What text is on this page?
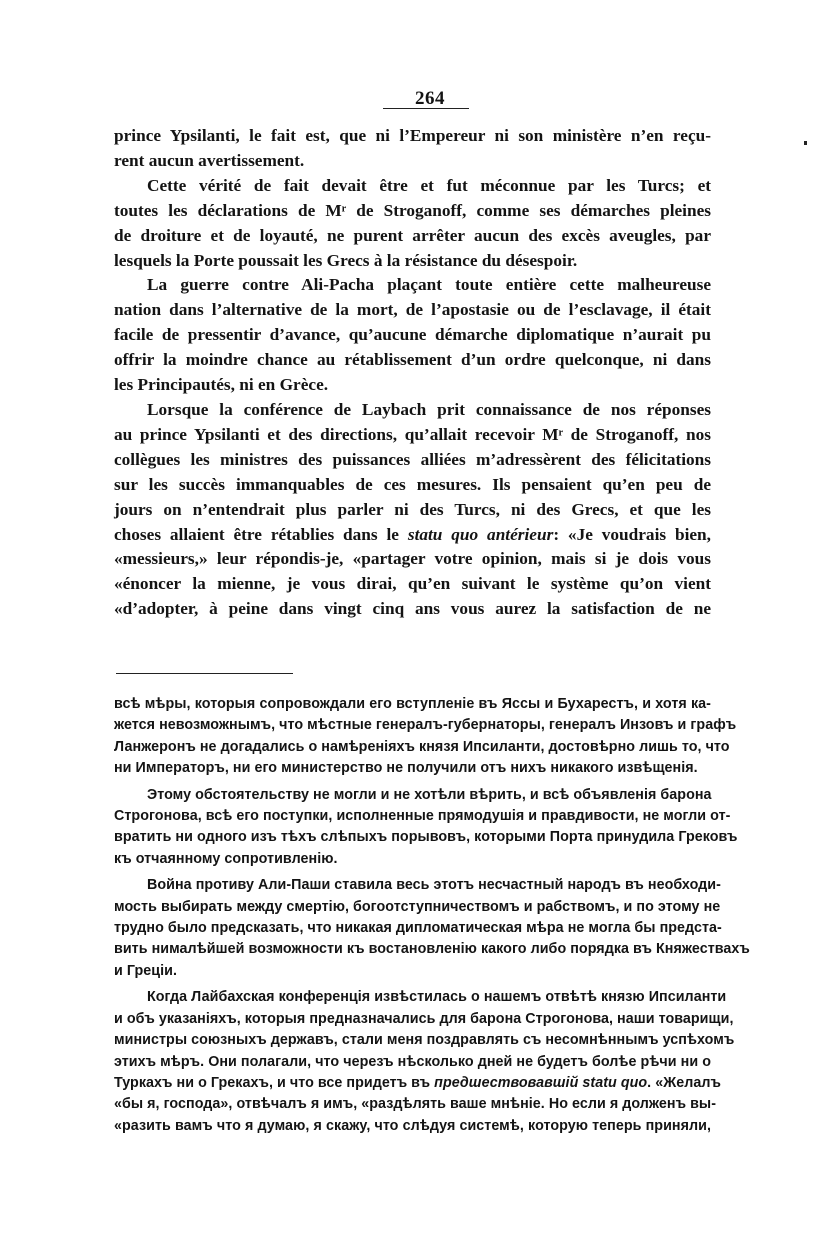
264
prince Ypsilanti, le fait est, que ni l’Empereur ni son ministère n’en reçu-
rent aucun avertissement.
Cette vérité de fait devait être et fut méconnue par les Turcs; et
toutes les déclarations de Mʳ de Stroganoff, comme ses démarches pleines
de droiture et de loyauté, ne purent arrêter aucun des excès aveugles, par
lesquels la Porte poussait les Grecs à la résistance du désespoir.
La guerre contre Ali-Pacha plaçant toute entière cette malheureuse
nation dans l’alternative de la mort, de l’apostasie ou de l’esclavage, il était
facile de pressentir d’avance, qu’aucune démarche diplomatique n’aurait pu
offrir la moindre chance au rétablissement d’un ordre quelconque, ni dans
les Principautés, ni en Grèce.
Lorsque la conférence de Laybach prit connaissance de nos réponses
au prince Ypsilanti et des directions, qu’allait recevoir Mʳ de Stroganoff, nos
collègues les ministres des puissances alliées m’adressèrent des félicitations
sur les succès immanquables de ces mesures. Ils pensaient qu’en peu de
jours on n’entendrait plus parler ni des Turcs, ni des Grecs, et que les
choses allaient être rétablies dans le statu quo antérieur: «Je voudrais bien,
«messieurs,» leur répondis-je, «partager votre opinion, mais si je dois vous
«énoncer la mienne, je vous dirai, qu’en suivant le système qu’on vient
«d’adopter, à peine dans vingt cinq ans vous aurez la satisfaction de ne
всѣ мѣры, которыя сопровождали его вступленіе въ Яссы и Бухарестъ, и хотя ка-
жется невозможнымъ, что мѣстные генералъ-губернаторы, генералъ Инзовъ и графъ
Ланжеронъ не догадались о намѣреніяхъ князя Ипсиланти, достовѣрно лишь то, что
ни Императоръ, ни его министерство не получили отъ нихъ никакого извѣщенія.
Этому обстоятельству не могли и не хотѣли вѣрить, и всѣ объявленія барона
Строгонова, всѣ его поступки, исполненные прямодушія и правдивости, не могли от-
вратить ни одного изъ тѣхъ слѣпыхъ порывовъ, которыми Порта принудила Грековъ
къ отчаянному сопротивленію.
Война противу Али-Паши ставила весь этотъ несчастный народъ въ необходи-
мость выбирать между смертію, богоотступничествомъ и рабствомъ, и по этому не
трудно было предсказать, что никакая дипломатическая мѣра не могла бы предста-
вить нималѣйшей возможности къ востановленію какого либо порядка въ Княжествахъ
и Греціи.
Когда Лайбахская конференція извѣстилась о нашемъ отвѣтѣ князю Ипсиланти
и объ указаніяхъ, которыя предназначались для барона Строгонова, наши товарищи,
министры союзныхъ державъ, стали меня поздравлять съ несомнѣннымъ успѣхомъ
этихъ мѣръ. Они полагали, что черезъ нѣсколько дней не будетъ болѣе рѣчи ни о
Туркахъ ни о Грекахъ, и что все придетъ въ предшествовавшій statu quo. «Желалъ
«бы я, господа», отвѣчалъ я имъ, «раздѣлять ваше мнѣніе. Но если я долженъ вы-
«разить вамъ что я думаю, я скажу, что слѣдуя системѣ, которую теперь приняли,
